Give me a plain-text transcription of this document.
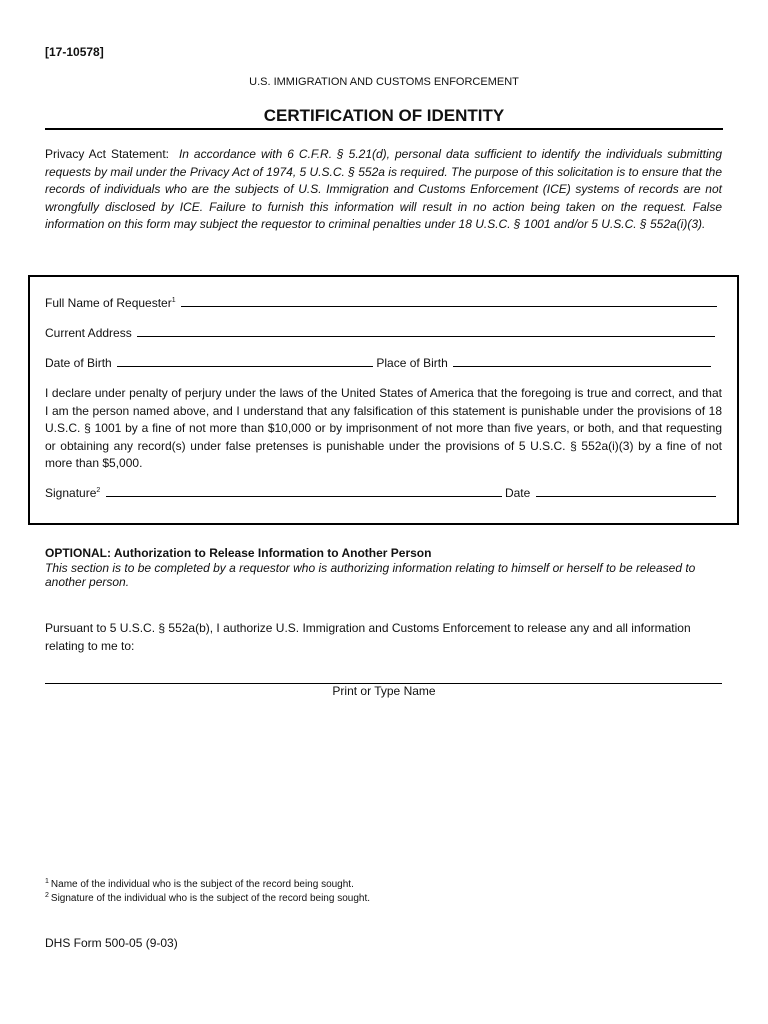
[17-10578]
U.S. IMMIGRATION AND CUSTOMS ENFORCEMENT
CERTIFICATION OF IDENTITY
Privacy Act Statement: In accordance with 6 C.F.R. § 5.21(d), personal data sufficient to identify the individuals submitting requests by mail under the Privacy Act of 1974, 5 U.S.C. § 552a is required. The purpose of this solicitation is to ensure that the records of individuals who are the subjects of U.S. Immigration and Customs Enforcement (ICE) systems of records are not wrongfully disclosed by ICE. Failure to furnish this information will result in no action being taken on the request. False information on this form may subject the requestor to criminal penalties under 18 U.S.C. § 1001 and/or 5 U.S.C. § 552a(i)(3).
Full Name of Requester$^1$
Current Address
Date of Birth	Place of Birth
I declare under penalty of perjury under the laws of the United States of America that the foregoing is true and correct, and that I am the person named above, and I understand that any falsification of this statement is punishable under the provisions of 18 U.S.C. § 1001 by a fine of not more than $10,000 or by imprisonment of not more than five years, or both, and that requesting or obtaining any record(s) under false pretenses is punishable under the provisions of 5 U.S.C. § 552a(i)(3) by a fine of not more than $5,000.
Signature$^2$	Date
OPTIONAL: Authorization to Release Information to Another Person
This section is to be completed by a requestor who is authorizing information relating to himself or herself to be released to another person.
Pursuant to 5 U.S.C. § 552a(b), I authorize U.S. Immigration and Customs Enforcement to release any and all information relating to me to:
Print or Type Name
$^1$ Name of the individual who is the subject of the record being sought.
$^2$ Signature of the individual who is the subject of the record being sought.
DHS Form 500-05 (9-03)
